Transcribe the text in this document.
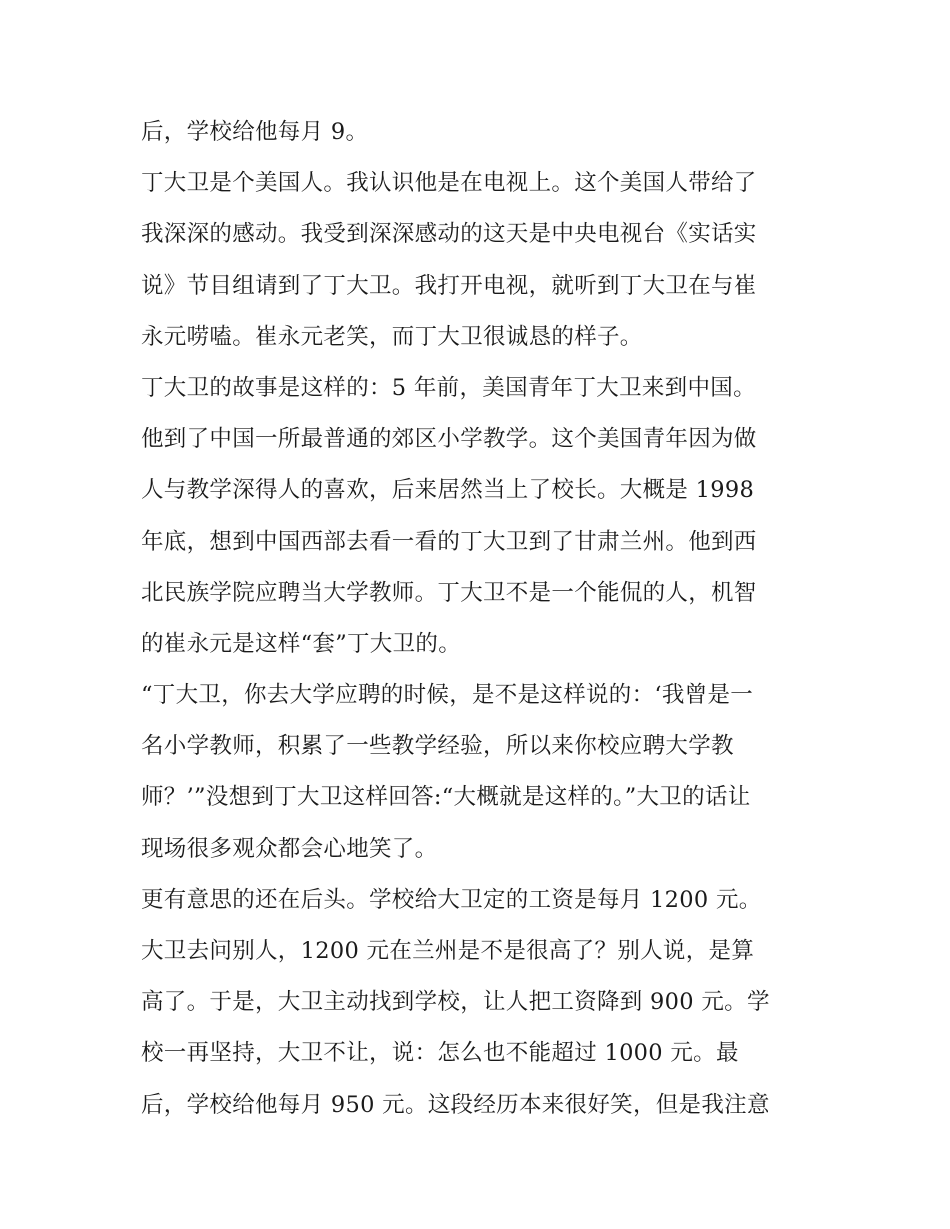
后，学校给他每月 9。
丁大卫是个美国人。我认识他是在电视上。这个美国人带给了
我深深的感动。我受到深深感动的这天是中央电视台《实话实
说》节目组请到了丁大卫。我打开电视，就听到丁大卫在与崔
永元唠嗑。崔永元老笑，而丁大卫很诚恳的样子。
丁大卫的故事是这样的：5 年前，美国青年丁大卫来到中国。
他到了中国一所最普通的郊区小学教学。这个美国青年因为做
人与教学深得人的喜欢，后来居然当上了校长。大概是 1998
年底，想到中国西部去看一看的丁大卫到了甘肃兰州。他到西
北民族学院应聘当大学教师。丁大卫不是一个能侃的人，机智
的崔永元是这样“套”丁大卫的。
“丁大卫，你去大学应聘的时候，是不是这样说的：‘我曾是一
名小学教师，积累了一些教学经验，所以来你校应聘大学教
师？’”没想到丁大卫这样回答:“大概就是这样的。”大卫的话让
现场很多观众都会心地笑了。
更有意思的还在后头。学校给大卫定的工资是每月 1200 元。
大卫去问别人，1200 元在兰州是不是很高了？别人说，是算
高了。于是，大卫主动找到学校，让人把工资降到 900 元。学
校一再坚持，大卫不让，说：怎么也不能超过 1000 元。最
后，学校给他每月 950 元。这段经历本来很好笑，但是我注意
